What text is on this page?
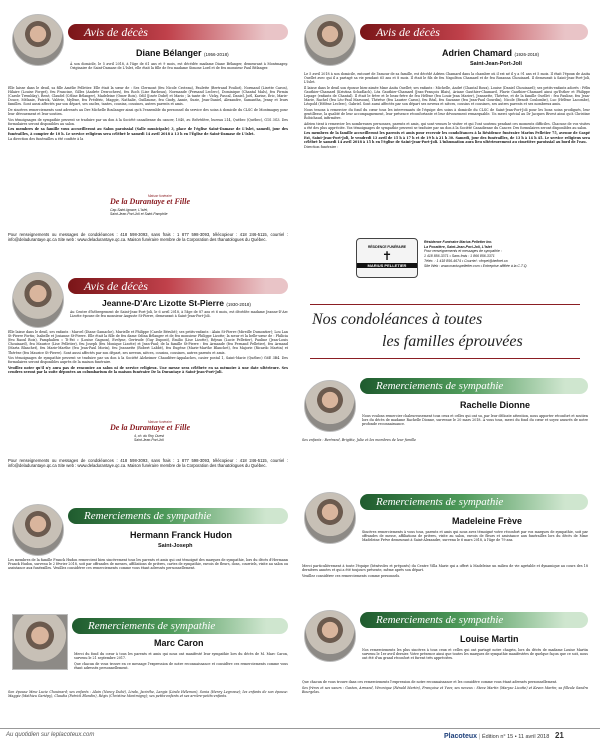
Avis de décès
Diane Bélanger (1956-2018)

À son domicile, le 5 avril 2018, à l'âge de 61 ans et 9 mois, est décédée madame Diane Bélanger, demeurant à Montmagny. Originaire de Saint-Damase de L'Islet, elle était la fille de feu madame Simone Lord et de feu monsieur Paul Bélanger.

Elle laisse dans le deuil, sa fille Amélie Pelletier. Elle était la sœur de : Ses Clermont (feu Nicole Croteau), Paulette (Bertrand Pouliot), Normand (Lisette Caron), Hilaire (Louise Forget), feu Francine, Gilles (Andrée Desrochers), feu Roch (Lise Barbeau), Normande (Fernand Leclerc), Dominique (Chantal Mals), feu Firmin (Carole Tremblay), René, Claudel (Céline Bélanger), Madeleine (Omer Bois), Odil (Josée Dubé) et Mario ; la tante de : Vicky, Pascal, Daniel, Joël, Karine, Éric, Marie-Douce, Mélanie, Patrick, Valérie, Mylène, feu Frédéric, Maggie, Nathalie, Guillaume, feu Cindy, Annie, Suzie, Jean-Daniel, Alexandre, Samantha, Jenny et leurs familles. Sont aussi affectés par son départ, ses oncles, tantes, cousins, cousines, autres parents et amis.

De sincères remerciements sont adressés au Dre Michelle Boulanger ainsi qu'à l'ensemble du personnel du service des soins à domicile du CLSC de Montmagny pour leur dévouement et leur soutien.

Vos témoignages de sympathie peuvent se traduire par un don à la Société canadienne du cancer, 1040, av. Belvédère, bureau 214, Québec (Québec), G1S 3G3. Des formulaires seront disponibles au salon.

Les membres de sa famille vous accueilleront au Salon paroissial (Salle municipale) 3, place de l'église Saint-Damase de L'Islet, samedi, jour des funérailles, à compter de 10 h. Le service religieux sera célébré le samedi 14 avril 2018 à 13 h en l'Église de Saint-Damase de L'Islet.

La direction des funérailles a été confiée à la

Maison funéraire
De la Durantaye et Fille
Cap-Saint-Ignace, L'Islet,
Saint-Jean-Port-Joli et Saint-Pamphile

Pour renseignements ou messages de condoléances : 418 598-3093, sans frais : 1 877 598-3093, télécopieur : 418 246-5115, courriel : info@deladurantaye.qc.ca Site web : www.deladurantaye.qc.ca. Maison funéraire membre de la Corporation des thanatologues du Québec.

Avis de décès
Adrien Chamard (1926-2018)
Saint-Jean-Port-Joli

Le 5 avril 2018 à son domicile, entouré de l'amour de sa famille, est décédé Adrien Chamard dans la chambre où il est né il y a 91 ans et 5 mois. Il était l'époux de Anita Ouellet avec qui il a partagé sa vie pendant 65 ans et 8 mois. Il était le fils de feu Napoléon Chamard et de feu Rosanna Chouinard. Il demeurait à Saint-Jean-Port-Joli, L'Islet.

Il laisse dans le deuil son épouse bien-aimée Mme Anita Ouellet; ses enfants : Michelle, André (Chantal Roux), Louise (Daniel Chouinard); ses petits-enfants adorés : Félix Gauthier-Chamard (Kristina Schadlach), Léa Gauthier-Chamard (Jean-François Blais), Ariane Gauthier-Chamard, Flavie Gauthier-Chamard ainsi qu'Esther et Philippe Lepage (enfants de Chantal). Il était le frère et le beau-frère de feu Hélène (feu Louis-Jean Marier), Jeannette, Thérèse, et de la famille Ouellet : feu Pauline, feu Jean-Marie, Rachel (feu Léo-Paul Marsoux), Thérèse (feu Laurier Caron), feu Réal, feu Suzanne (feu Jean-Paul Gourdin), Nicole (Benoît Coulombe), Luc (Hélène Lacombe), Léopold (Hélène Leclerc), Gabriel. Sont aussi affectés par son départ ses neveux et nièces, cousins et cousines, ses autres parents et ses nombreux amis.

Nous tenons à remercier du fond du cœur tous les intervenants de l'équipe des soins à domicile du CLSC de Saint-Jean-Port-Joli pour les bons soins prodigués, leur gentillesse, la qualité de leur accompagnement, leur présence réconfortante et leur dévouement remarquable. Un merci spécial au Dr Jacques Rivest ainsi qu'à Christine Robichaud, infirmière.

Adrien tient à remercier les nombreuses personnes, parents et amis, qui sont venues le visiter et qui l'ont soutenu pendant ces moments difficiles. Chacune de vos visites a été des plus appréciée. Vos témoignages de sympathie peuvent se traduire par un don à la Société Canadienne du Cancer. Des formulaires seront disponibles au salon.

Les membres de la famille accueilleront les parents et amis pour recevoir les condoléances à la Résidence funéraire Marius Pelletier 75, avenue de Gaspé Est, Saint-Jean-Port-Joli, le vendredi 13 avril de 15 h à 17 h et de 19 h à 21 h 30. Samedi, jour des funérailles, de 13 h à 14 h 45. Le service religieux sera célébré le samedi 14 avril 2018 à 15 h en l'église de Saint-Jean-Port-Joli. L'inhumation aura lieu ultérieurement au cimetière paroissial au bord de l'eau.

Direction funéraire :

RÉSIDENCE FUNÉRAIRE
✝
MARIUS PELLETIER
Résidence Funéraire Marius Pelletier Inc.
La Pocatière, Saint-Jean-Port-Joli, L'Islet
Pour renseignements et messages de sympathie :
1 418 856-3371 • Sans frais : 1 866 856-3371
Téléc. : 1 418 856-4674 • Courriel : rfmpel@bellnet.ca
Site Web : www.mariuspelletier.com • Entreprise affiliée à la C.T.Q.
Avis de décès
Jeanne-D'Arc Lizotte St-Pierre (1930-2018)

Au Centre d'hébergement de Saint-Jean-Port-Joli, le 6 avril 2018, à l'âge de 87 ans et 6 mois, est décédée madame Jeanne-D'Arc Lizotte épouse de feu monsieur Auguste St-Pierre, demeurant à Saint-Jean-Port-Joli.

Elle laisse dans le deuil, ses enfants : Marcel (Diane Gamache), Murielle et Philippe (Carole Bérubé); ses petits-enfants : Alain St-Pierre (Mireille Dumontier); Lou Lan St-Pierre Fortin; Isabelle et Josianne St-Pierre. Elle était la fille de feu dame Odina Bélanger et de feu monsieur Philippe Lizotte; la sœur et la belle-sœur de : Philicia (feu Raoul Bois), Pamphalien « Ti-Pat » (Louise Gagnon), Evelyne, Gertrude (Guy Dupont), Émilio (Lise Lizotte), Réjean (Lucie Pelletier), Pauline (Jean-Louis Chouinard), feu Maurice (Lise Pelletier), feu Joseph (feu Monique Lizotte) et Jean-Paul; de la famille St-Pierre : feu Armande (feu Fernand Pelletier), feu Armand (Marta Blanchet), feu Marie-Marthe (feu Jean-Paul Morin), feu Jeannette (Robert Labbé), feu Eugène (Marie-Marthe Blanchet), feu Majorie (Ricardo Martin) et Thérèse (feu Maurice St-Pierre). Sont aussi affectés par son départ, ses neveux, nièces, cousins, cousines, autres parents et amis.

Vos témoignages de sympathie peuvent se traduire par un don à la Société Alzheimer Chaudière-Appalaches, casier postal 1, Saint-Marie (Québec) G6E 3B4. Des formulaires seront disponibles auprès de la maison funéraire.

Veuillez noter qu'il n'y aura pas de rencontre au salon ni de service religieux. Une messe sera célébrée en sa mémoire à une date ultérieure. Ses cendres seront par la suite déposées au columbarium de la maison funéraire De la Durantaye à Saint-Jean-Port-Joli.

Maison funéraire
De la Durantaye et Fille
4, ch. du Roy Ouest
Saint-Jean-Port-Joli

Pour renseignements ou messages de condoléances : 418 598-3093, sans frais : 1 877 598-3093, télécopieur : 418 246-5115, courriel : info@deladurantaye.qc.ca Site web : www.deladurantaye.qc.ca. Maison funéraire membre de la Corporation des thanatologues du Québec.

Nos condoléances à toutes
les familles éprouvées
Remerciements de sympathie
Rachelle Dionne

Nous voulons remercier chaleureusement tous ceux et celles qui ont su, par leur délicate attention, nous apporter réconfort et soutien lors du décès de madame Rachelle Dionne, survenue le 20 mars 2018. À vous tous, merci du fond du cœur et soyez assurés de notre profonde reconnaissance.

Ses enfants : Bertrand, Brigitte, Julie et les membres de leur famille

Remerciements de sympathie
Hermann Franck Hudon
Saint-Joseph

Les membres de la famille Franck Hudon remercient bien sincèrement tous les parents et amis qui ont témoigné des marques de sympathie, lors du décès d'Hermann Franck Hudon, survenu le 2 février 2018, soit par offrandes de messes, affiliations de prières, cartes de sympathie, envois de fleurs, dons, courriels, visite au salon ou assistance aux funérailles. Veuillez considérer ces remerciements comme vous étant adressés personnellement.

Remerciements de sympathie
Madeleine Frève

Sincères remerciements à vous tous, parents et amis qui nous avez témoigné votre réconfort par vos marques de sympathie, soit par offrandes de messe, affiliations de prières, visite au salon, envois de fleurs et assistance aux funérailles lors du décès de Mme Madeleine Frève demeurant à Saint-Alexandre, survenu le 6 mars 2018, à l'âge de 79 ans.

Merci particulièrement à toute l'équipe (bénévoles et préposés) du Centre Villa Marie qui a offert à Madeleine un milieu de vie agréable et dynamique au cours des 18 dernières années et qui a été toujours présente, même après son départ.

Veuillez considérer ces remerciements comme personnels.

Remerciements de sympathie
Marc Caron

Merci du fond du cœur à tous les parents et amis qui nous ont manifesté leur sympathie lors du décès de M. Marc Caron, survenu le 21 septembre 2017.

Que chacun de vous trouve en ce message l'expression de notre reconnaissance et considère ces remerciements comme vous étant adressés personnellement.

Son épouse Mme Lucie Chouinard; ses enfants : Alain (Nancy Dubé), Linda, Jacinthe, Langis (Linda Hélemon), Sonia (Henry Legrosse); les enfants de son épouse: Maggie (Mathieu Gariépy), Claudia (Patrick Blondin), Régis (Christine Montmigny); ses petits-enfants et ses arrière-petits-enfants.

Remerciements de sympathie
Louise Martin

Nos remerciements les plus sincères à tous ceux et celles qui ont partagé notre chagrin, lors du décès de madame Louise Martin survenu le 1er avril dernier. Votre présence ainsi que toutes les marques de sympathie manifestées de quelque façon que ce soit, nous ont été d'un grand réconfort et furent très appréciées.

Que chacun de vous trouve dans ces remerciements l'expression de notre reconnaissance et les considère comme vous étant adressés personnellement.

Ses frères et ses sœurs : Gaston, Armand, Véronique (Rénald Martin), Françoise et Yves; ses neveux : Steve Martin (Maryse Lizotte) et Keven Martin; sa filleule Sandra Bourgelas.

Au quotidien sur leplacoteux.com	Placoteux | Édition n° 15 • 11 avril 2018 21
